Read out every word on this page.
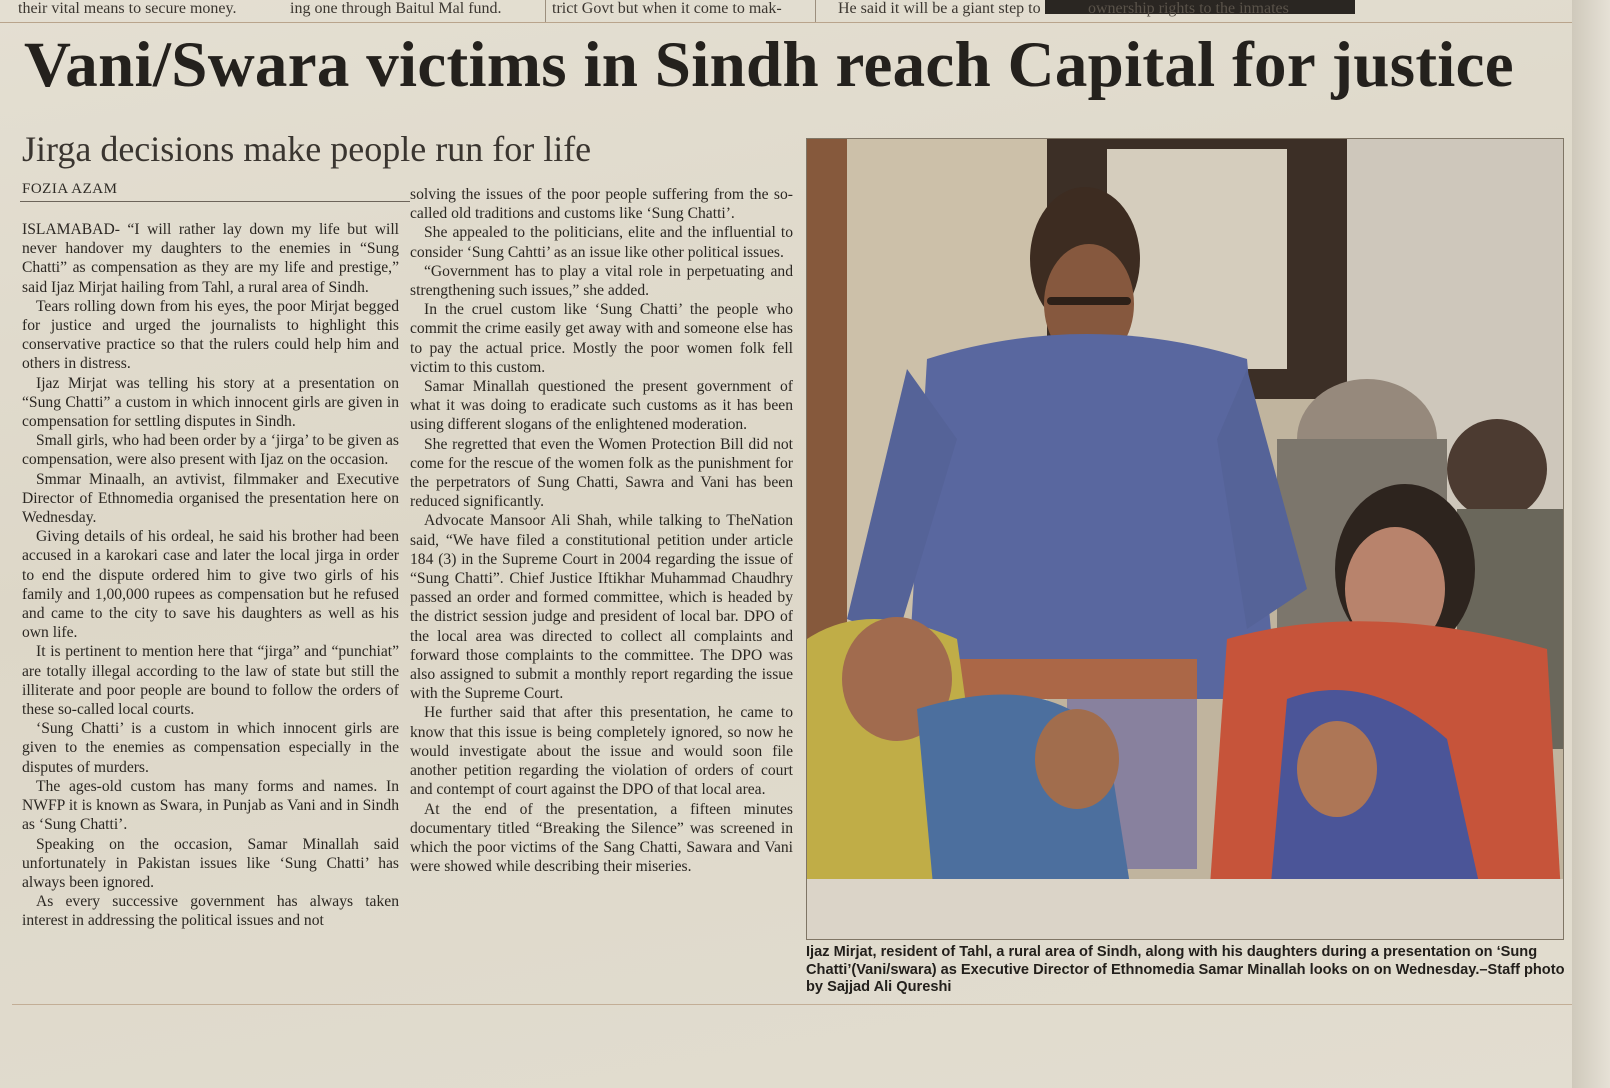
their vital means to secure money.	ing one through Baitul Mal fund.	trict Govt but when it come to mak-	He said it will be a giant step to	ownership rights to the inmates
Vani/Swara victims in Sindh reach Capital for justice
Jirga decisions make people run for life
FOZIA AZAM

ISLAMABAD- “I will rather lay down my life but will never handover my daughters to the enemies in “Sung Chatti” as compensation as they are my life and prestige,” said Ijaz Mirjat hailing from Tahl, a rural area of Sindh.

Tears rolling down from his eyes, the poor Mirjat begged for justice and urged the journalists to highlight this conservative practice so that the rulers could help him and others in distress.

Ijaz Mirjat was telling his story at a presentation on “Sung Chatti” a custom in which innocent girls are given in compensation for settling disputes in Sindh.

Small girls, who had been order by a ‘jirga’ to be given as compensation, were also present with Ijaz on the occasion.

Smmar Minaalh, an avtivist, filmmaker and Executive Director of Ethnomedia organised the presentation here on Wednesday.

Giving details of his ordeal, he said his brother had been accused in a karokari case and later the local jirga in order to end the dispute ordered him to give two girls of his family and 1,00,000 rupees as compensation but he refused and came to the city to save his daughters as well as his own life.

It is pertinent to mention here that “jirga” and “punchiat” are totally illegal according to the law of state but still the illiterate and poor people are bound to follow the orders of these so-called local courts.

‘Sung Chatti’ is a custom in which innocent girls are given to the enemies as compensation especially in the disputes of murders.

The ages-old custom has many forms and names. In NWFP it is known as Swara, in Punjab as Vani and in Sindh as ‘Sung Chatti’.

Speaking on the occasion, Samar Minallah said unfortunately in Pakistan issues like ‘Sung Chatti’ has always been ignored.

As every successive government has always taken interest in addressing the political issues and not

solving the issues of the poor people suffering from the so-called old traditions and customs like ‘Sung Chatti’.

She appealed to the politicians, elite and the influential to consider ‘Sung Cahtti’ as an issue like other political issues.

“Government has to play a vital role in perpetuating and strengthening such issues,” she added.

In the cruel custom like ‘Sung Chatti’ the people who commit the crime easily get away with and someone else has to pay the actual price. Mostly the poor women folk fell victim to this custom.

Samar Minallah questioned the present government of what it was doing to eradicate such customs as it has been using different slogans of the enlightened moderation.

She regretted that even the Women Protection Bill did not come for the rescue of the women folk as the punishment for the perpetrators of Sung Chatti, Sawra and Vani has been reduced significantly.

Advocate Mansoor Ali Shah, while talking to TheNation said, “We have filed a constitutional petition under article 184 (3) in the Supreme Court in 2004 regarding the issue of “Sung Chatti”. Chief Justice Iftikhar Muhammad Chaudhry passed an order and formed committee, which is headed by the district session judge and president of local bar. DPO of the local area was directed to collect all complaints and forward those complaints to the committee. The DPO was also assigned to submit a monthly report regarding the issue with the Supreme Court.

He further said that after this presentation, he came to know that this issue is being completely ignored, so now he would investigate about the issue and would soon file another petition regarding the violation of orders of court and contempt of court against the DPO of that local area.

At the end of the presentation, a fifteen minutes documentary titled “Breaking the Silence” was screened in which the poor victims of the Sang Chatti, Sawara and Vani were showed while describing their miseries.

Ijaz Mirjat, resident of Tahl, a rural area of Sindh, along with his daughters during a presentation on ‘Sung Chatti’(Vani/swara) as Executive Director of Ethnomedia Samar Minallah looks on on Wednesday.–Staff photo by Sajjad Ali Qureshi
